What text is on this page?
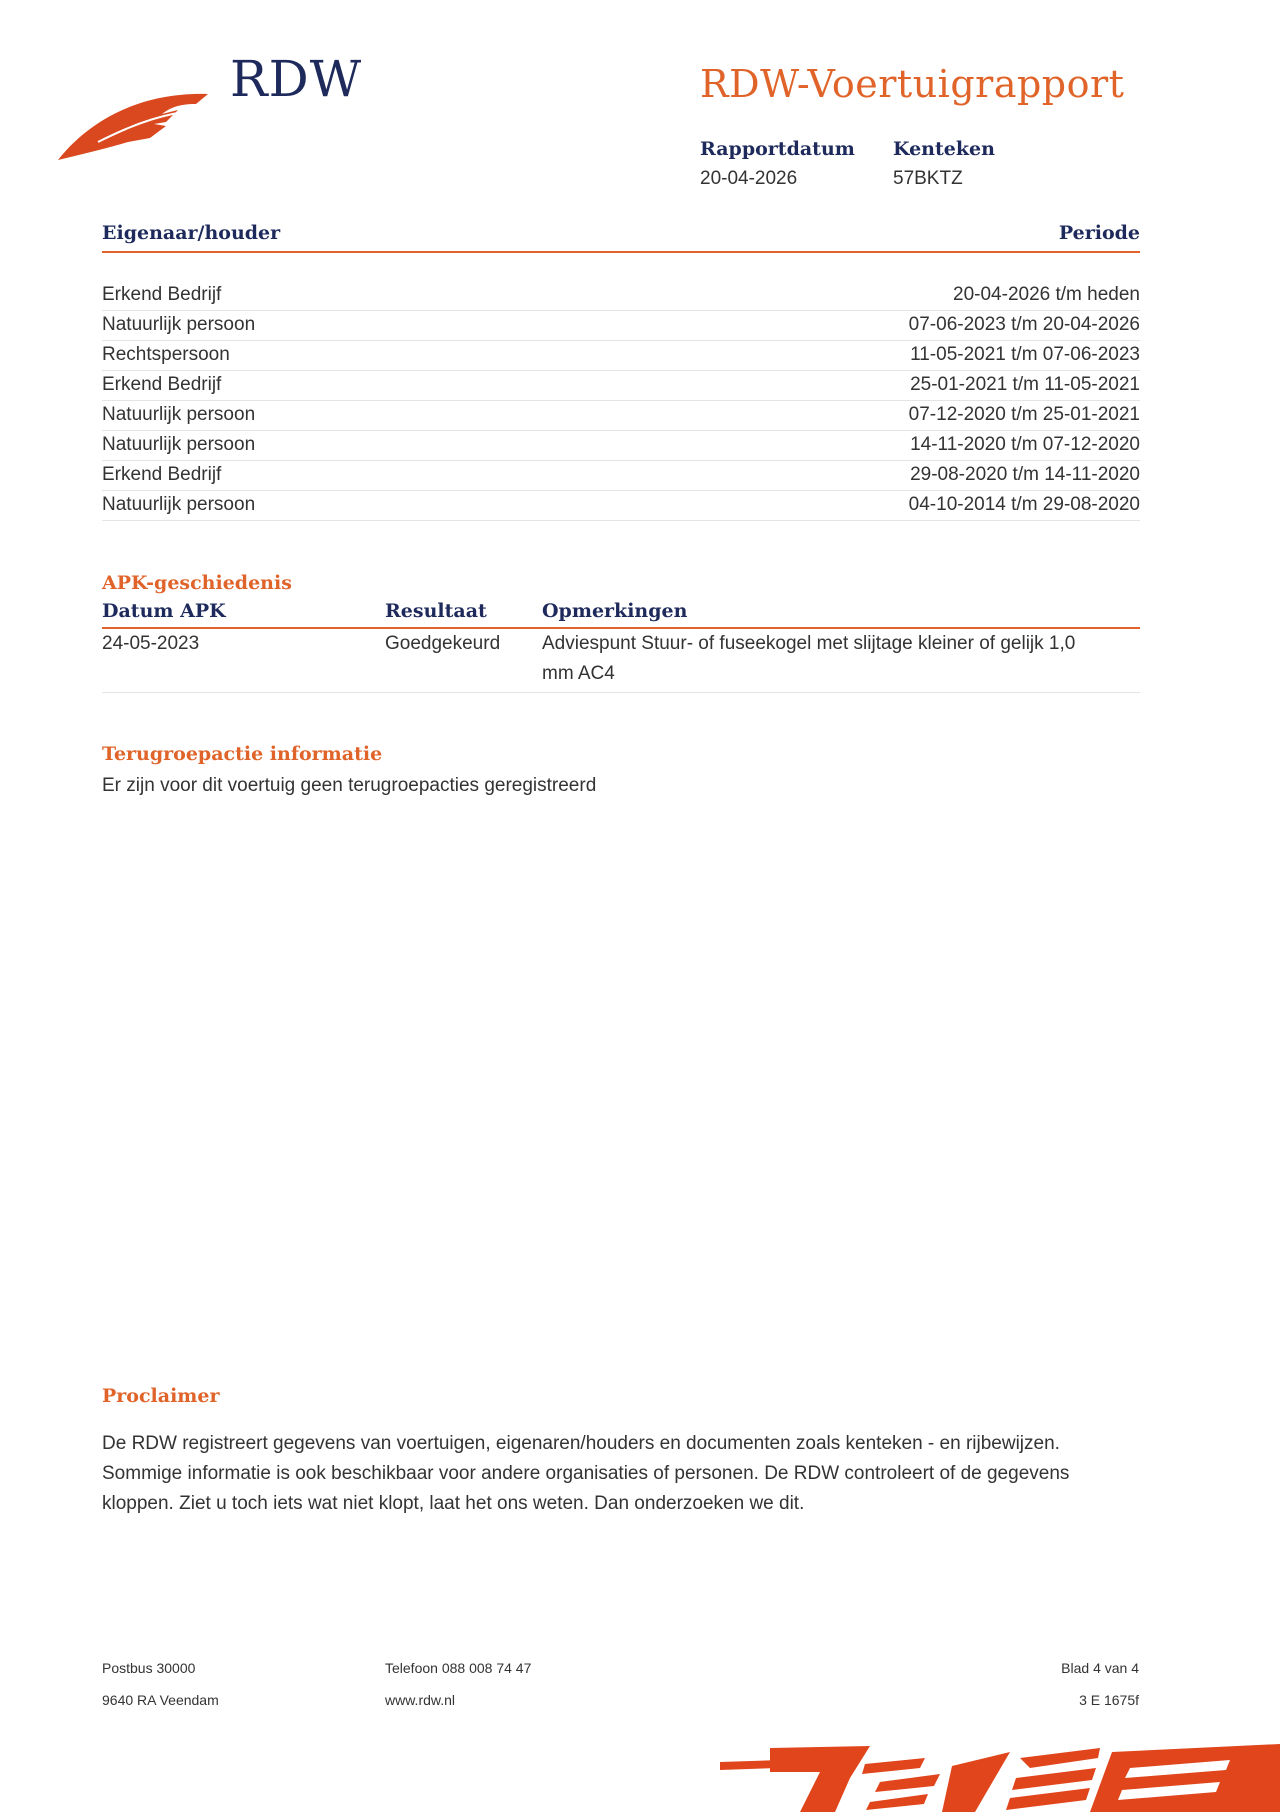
RDW	RDW-Voertuigrapport
Rapportdatum
20-04-2026
Kenteken
57BKTZ
Eigenaar/houder	Periode
Erkend Bedrijf	20-04-2026 t/m heden
Natuurlijk persoon	07-06-2023 t/m 20-04-2026
Rechtspersoon	11-05-2021 t/m 07-06-2023
Erkend Bedrijf	25-01-2021 t/m 11-05-2021
Natuurlijk persoon	07-12-2020 t/m 25-01-2021
Natuurlijk persoon	14-11-2020 t/m 07-12-2020
Erkend Bedrijf	29-08-2020 t/m 14-11-2020
Natuurlijk persoon	04-10-2014 t/m 29-08-2020
APK-geschiedenis
Datum APK	Resultaat	Opmerkingen
24-05-2023	Goedgekeurd	Adviespunt Stuur- of fuseekogel met slijtage kleiner of gelijk 1,0 mm AC4
Terugroepactie informatie
Er zijn voor dit voertuig geen terugroepacties geregistreerd
Proclaimer
De RDW registreert gegevens van voertuigen, eigenaren/houders en documenten zoals kenteken - en rijbewijzen. Sommige informatie is ook beschikbaar voor andere organisaties of personen. De RDW controleert of de gegevens kloppen. Ziet u toch iets wat niet klopt, laat het ons weten. Dan onderzoeken we dit.
Postbus 30000
9640 RA Veendam
Telefoon 088 008 74 47
www.rdw.nl
Blad 4 van 4
3 E 1675f
